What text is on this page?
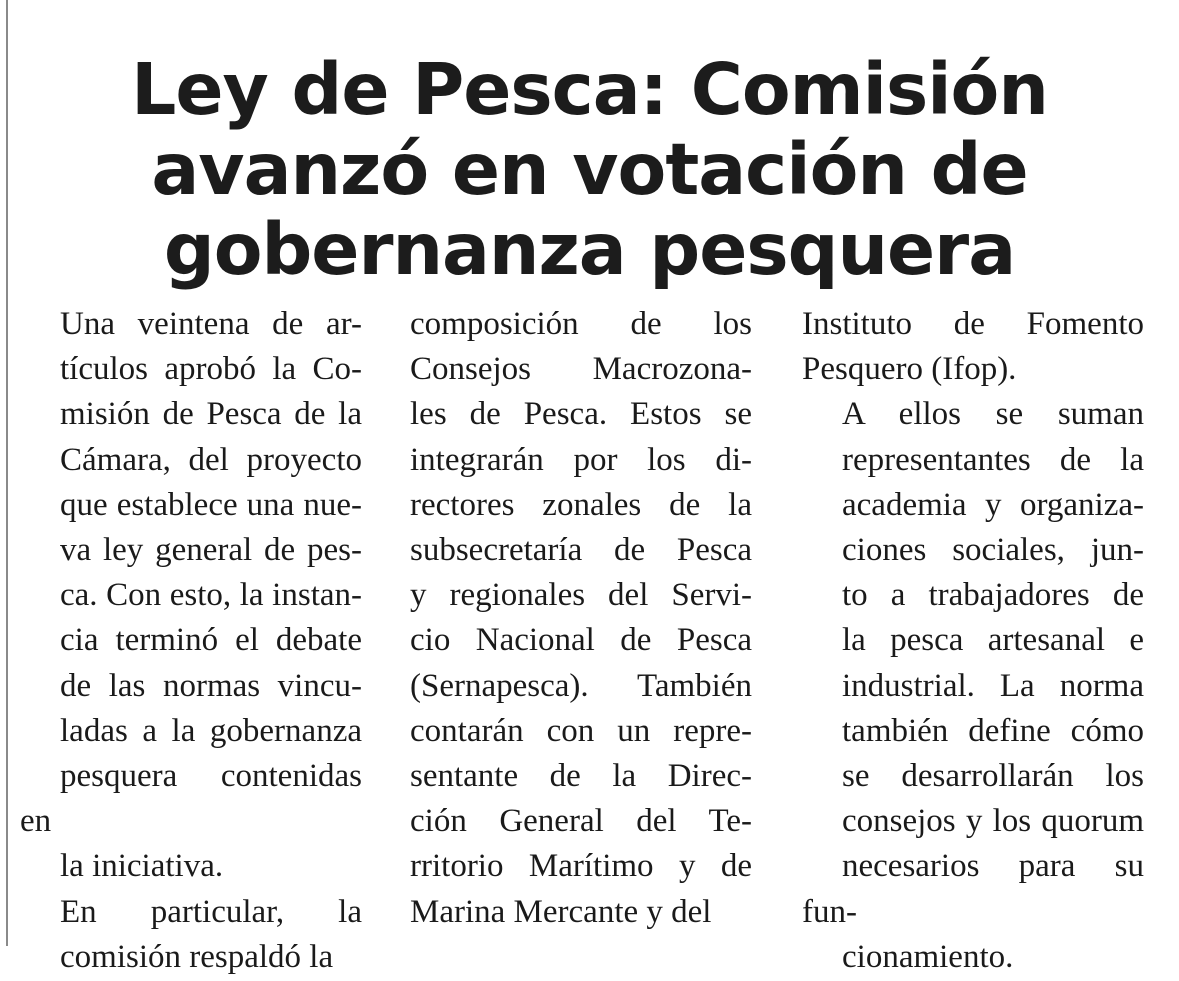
Ley de Pesca: Comisión
avanzó en votación de
gobernanza pesquera

Una veintena de ar-
tículos aprobó la Co-
misión de Pesca de la
Cámara, del proyecto
que establece una nue-
va ley general de pes-
ca. Con esto, la instan-
cia terminó el debate
de las normas vincu-
ladas a la gobernanza
pesquera contenidas en
la iniciativa.

En particular, la
comisión respaldó la

composición de los
Consejos Macrozona-
les de Pesca. Estos se
integrarán por los di-
rectores zonales de la
subsecretaría de Pesca
y regionales del Servi-
cio Nacional de Pesca
(Sernapesca). También
contarán con un repre-
sentante de la Direc-
ción General del Te-
rritorio Marítimo y de
Marina Mercante y del

Instituto de Fomento
Pesquero (Ifop).

A ellos se suman
representantes de la
academia y organiza-
ciones sociales, jun-
to a trabajadores de
la pesca artesanal e
industrial. La norma
también define cómo
se desarrollarán los
consejos y los quorum
necesarios para su fun-
cionamiento.
